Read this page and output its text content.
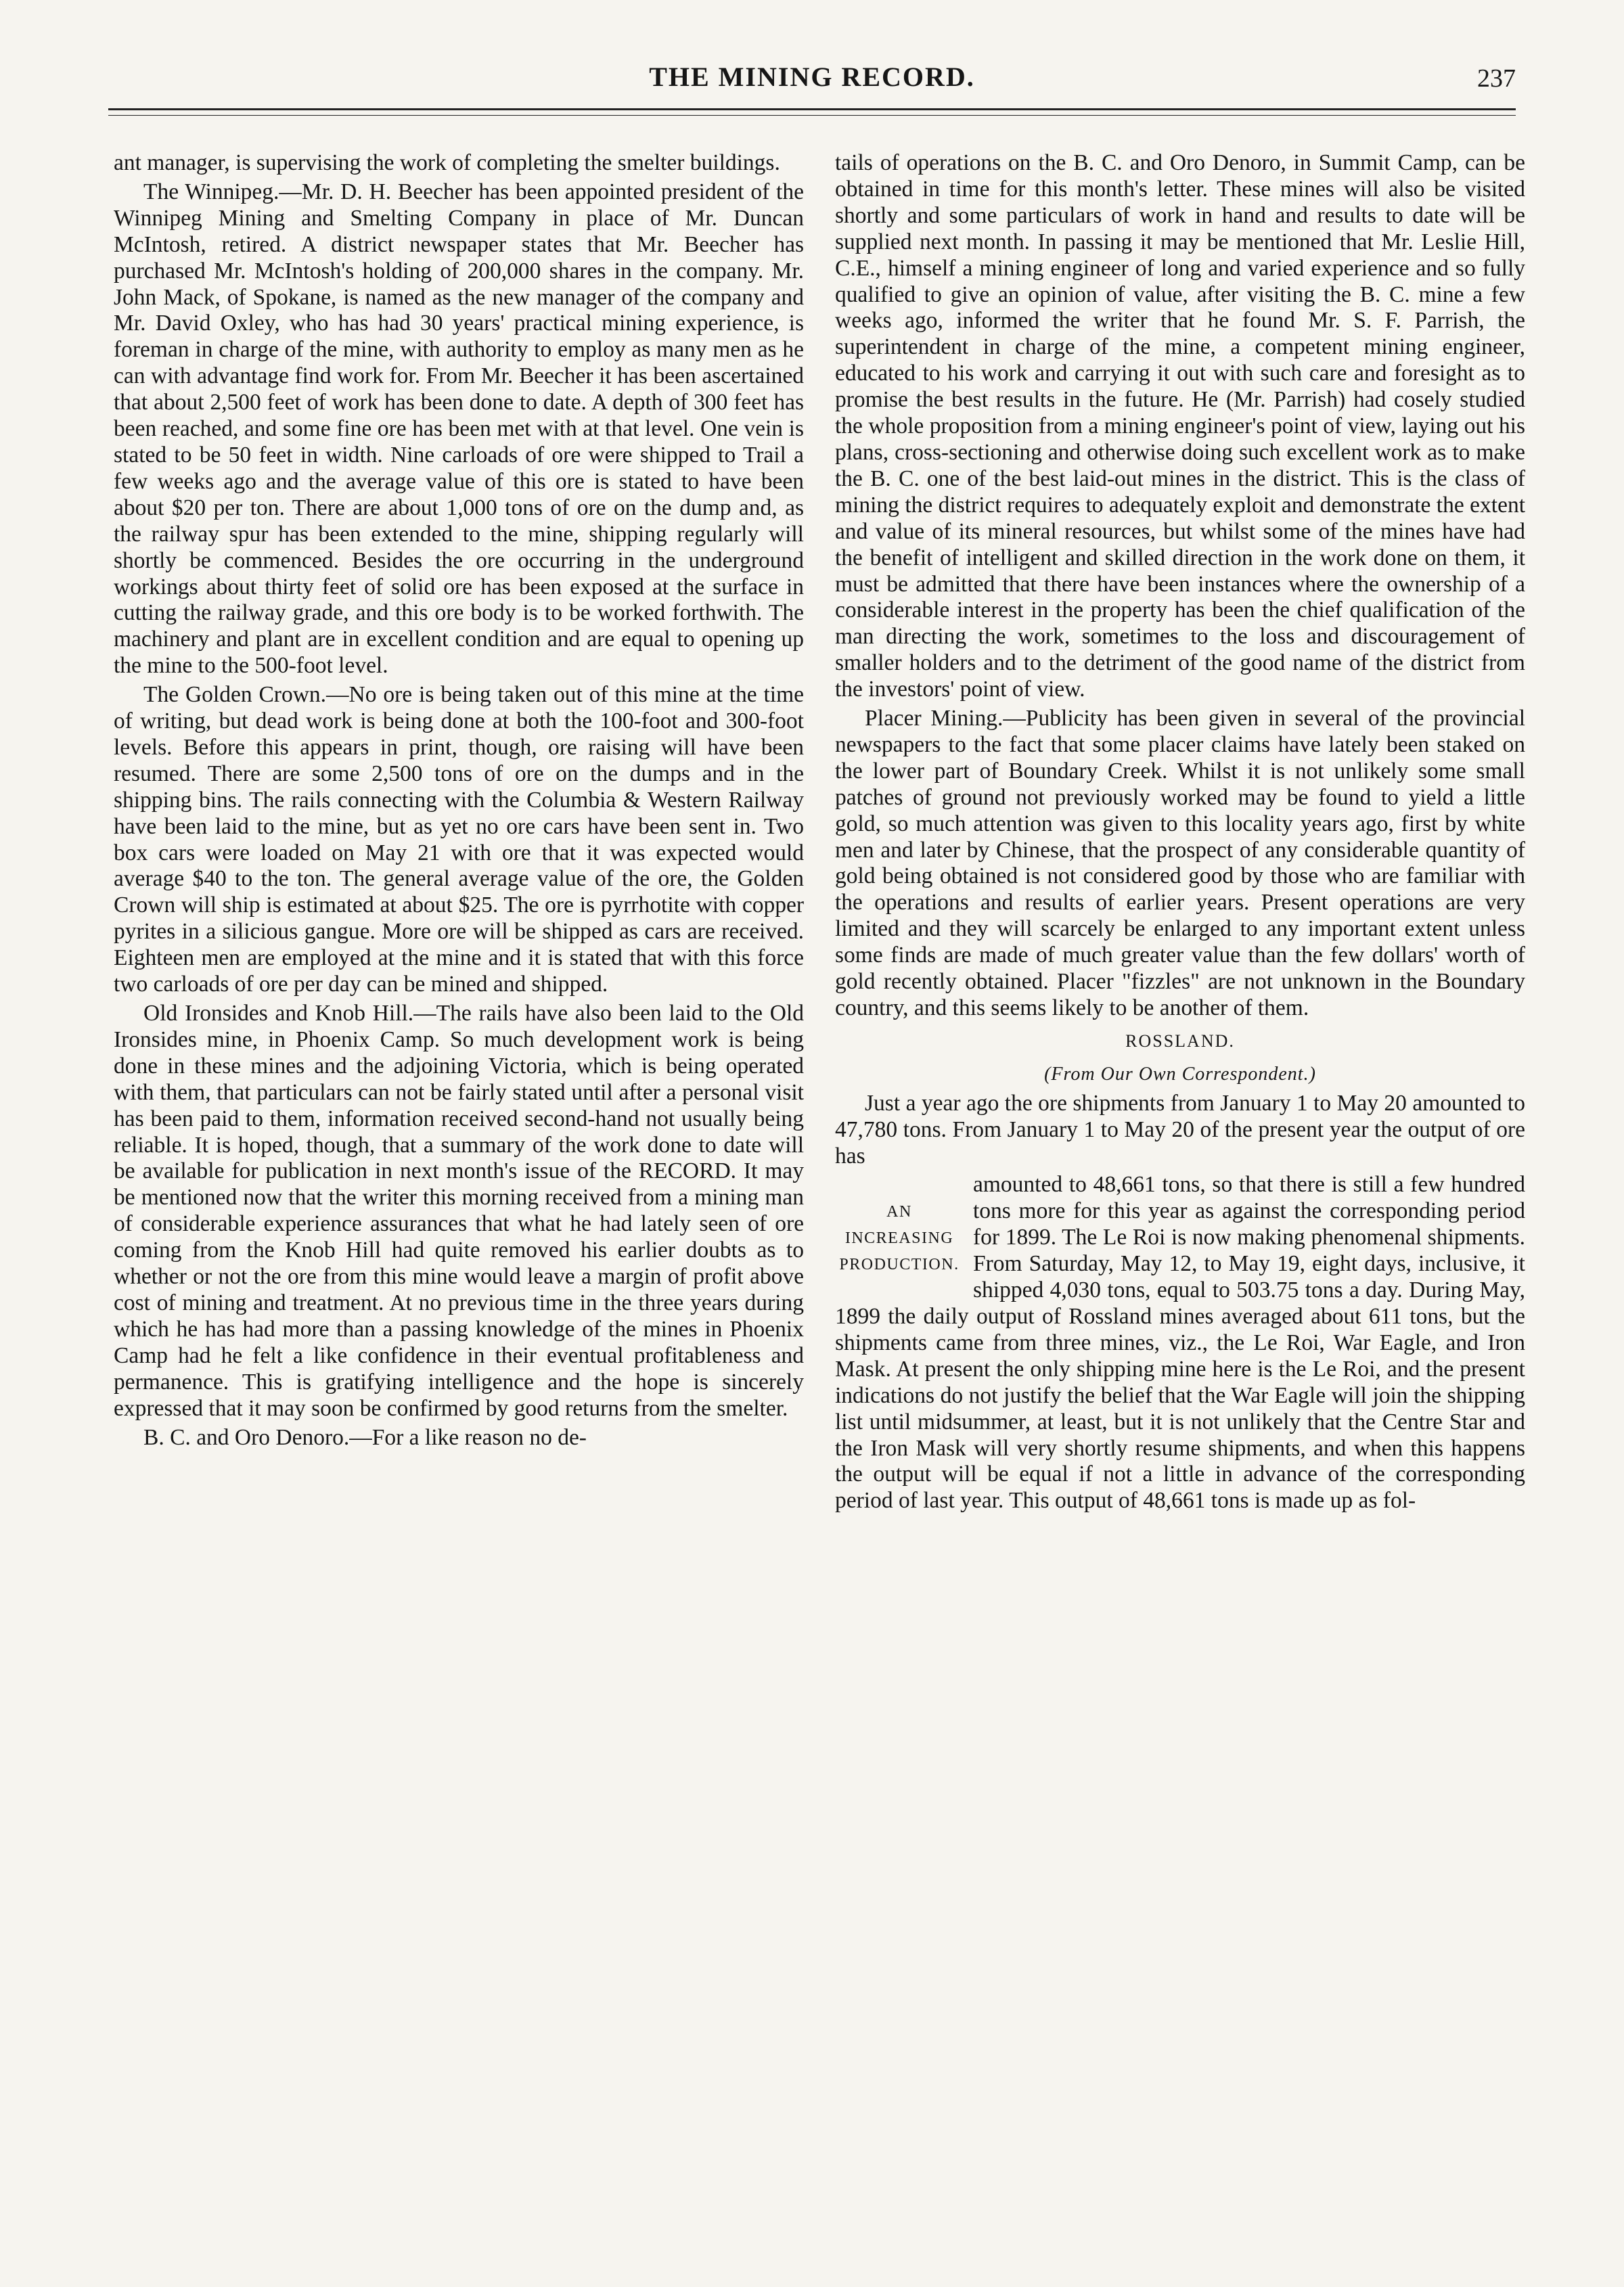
THE MINING RECORD.	237

ant manager, is supervising the work of completing the smelter buildings.

The Winnipeg.—Mr. D. H. Beecher has been appointed president of the Winnipeg Mining and Smelting Company in place of Mr. Duncan McIntosh, retired. A district newspaper states that Mr. Beecher has purchased Mr. McIntosh's holding of 200,000 shares in the company. Mr. John Mack, of Spokane, is named as the new manager of the company and Mr. David Oxley, who has had 30 years' practical mining experience, is foreman in charge of the mine, with authority to employ as many men as he can with advantage find work for. From Mr. Beecher it has been ascertained that about 2,500 feet of work has been done to date. A depth of 300 feet has been reached, and some fine ore has been met with at that level. One vein is stated to be 50 feet in width. Nine carloads of ore were shipped to Trail a few weeks ago and the average value of this ore is stated to have been about $20 per ton. There are about 1,000 tons of ore on the dump and, as the railway spur has been extended to the mine, shipping regularly will shortly be commenced. Besides the ore occurring in the underground workings about thirty feet of solid ore has been exposed at the surface in cutting the railway grade, and this ore body is to be worked forthwith. The machinery and plant are in excellent condition and are equal to opening up the mine to the 500-foot level.

The Golden Crown.—No ore is being taken out of this mine at the time of writing, but dead work is being done at both the 100-foot and 300-foot levels. Before this appears in print, though, ore raising will have been resumed. There are some 2,500 tons of ore on the dumps and in the shipping bins. The rails connecting with the Columbia & Western Railway have been laid to the mine, but as yet no ore cars have been sent in. Two box cars were loaded on May 21 with ore that it was expected would average $40 to the ton. The general average value of the ore, the Golden Crown will ship is estimated at about $25. The ore is pyrrhotite with copper pyrites in a silicious gangue. More ore will be shipped as cars are received. Eighteen men are employed at the mine and it is stated that with this force two carloads of ore per day can be mined and shipped.

Old Ironsides and Knob Hill.—The rails have also been laid to the Old Ironsides mine, in Phoenix Camp. So much development work is being done in these mines and the adjoining Victoria, which is being operated with them, that particulars can not be fairly stated until after a personal visit has been paid to them, information received second-hand not usually being reliable. It is hoped, though, that a summary of the work done to date will be available for publication in next month's issue of the RECORD. It may be mentioned now that the writer this morning received from a mining man of considerable experience assurances that what he had lately seen of ore coming from the Knob Hill had quite removed his earlier doubts as to whether or not the ore from this mine would leave a margin of profit above cost of mining and treatment. At no previous time in the three years during which he has had more than a passing knowledge of the mines in Phoenix Camp had he felt a like confidence in their eventual profitableness and permanence. This is gratifying intelligence and the hope is sincerely expressed that it may soon be confirmed by good returns from the smelter.

B. C. and Oro Denoro.—For a like reason no de-

tails of operations on the B. C. and Oro Denoro, in Summit Camp, can be obtained in time for this month's letter. These mines will also be visited shortly and some particulars of work in hand and results to date will be supplied next month. In passing it may be mentioned that Mr. Leslie Hill, C.E., himself a mining engineer of long and varied experience and so fully qualified to give an opinion of value, after visiting the B. C. mine a few weeks ago, informed the writer that he found Mr. S. F. Parrish, the superintendent in charge of the mine, a competent mining engineer, educated to his work and carrying it out with such care and foresight as to promise the best results in the future. He (Mr. Parrish) had cosely studied the whole proposition from a mining engineer's point of view, laying out his plans, cross-sectioning and otherwise doing such excellent work as to make the B. C. one of the best laid-out mines in the district. This is the class of mining the district requires to adequately exploit and demonstrate the extent and value of its mineral resources, but whilst some of the mines have had the benefit of intelligent and skilled direction in the work done on them, it must be admitted that there have been instances where the ownership of a considerable interest in the property has been the chief qualification of the man directing the work, sometimes to the loss and discouragement of smaller holders and to the detriment of the good name of the district from the investors' point of view.

Placer Mining.—Publicity has been given in several of the provincial newspapers to the fact that some placer claims have lately been staked on the lower part of Boundary Creek. Whilst it is not unlikely some small patches of ground not previously worked may be found to yield a little gold, so much attention was given to this locality years ago, first by white men and later by Chinese, that the prospect of any considerable quantity of gold being obtained is not considered good by those who are familiar with the operations and results of earlier years. Present operations are very limited and they will scarcely be enlarged to any important extent unless some finds are made of much greater value than the few dollars' worth of gold recently obtained. Placer "fizzles" are not unknown in the Boundary country, and this seems likely to be another of them.

ROSSLAND.
(From Our Own Correspondent.)

Just a year ago the ore shipments from January 1 to May 20 amounted to 47,780 tons. From January 1 to May 20 of the present year the output of ore has

AN INCREASING PRODUCTION.

amounted to 48,661 tons, so that there is still a few hundred tons more for this year as against the corresponding period for 1899. The Le Roi is now making phenomenal shipments. From Saturday, May 12, to May 19, eight days, inclusive, it shipped 4,030 tons, equal to 503.75 tons a day. During May, 1899 the daily output of Rossland mines averaged about 611 tons, but the shipments came from three mines, viz., the Le Roi, War Eagle, and Iron Mask. At present the only shipping mine here is the Le Roi, and the present indications do not justify the belief that the War Eagle will join the shipping list until midsummer, at least, but it is not unlikely that the Centre Star and the Iron Mask will very shortly resume shipments, and when this happens the output will be equal if not a little in advance of the corresponding period of last year. This output of 48,661 tons is made up as fol-
